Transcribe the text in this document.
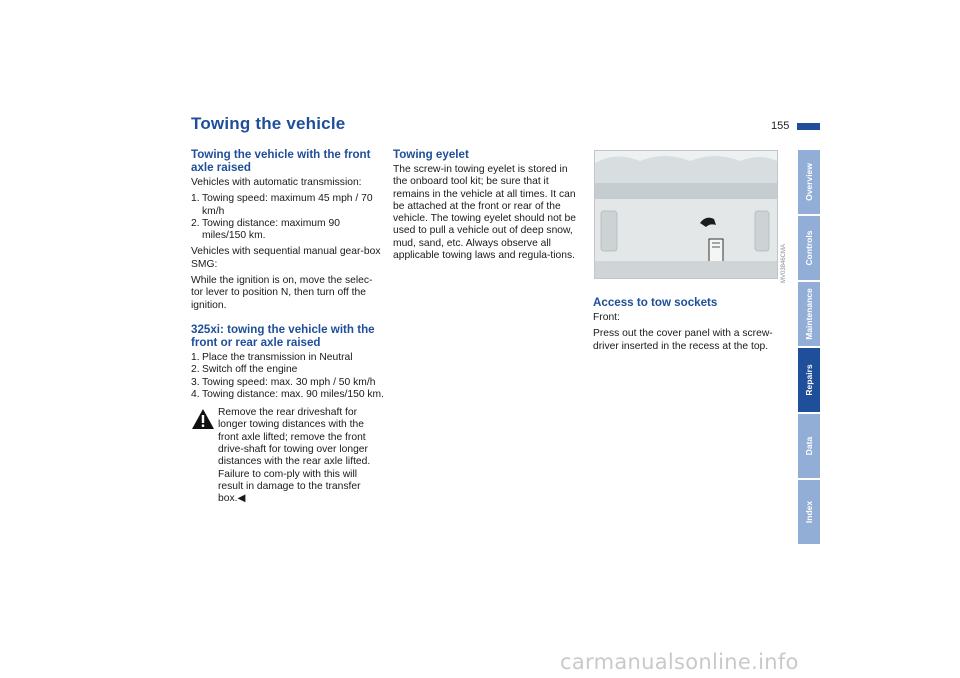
Towing the vehicle	155
Towing the vehicle with the front axle raised

Vehicles with automatic transmission:

1. Towing speed: maximum 45 mph / 70 km/h
2. Towing distance: maximum 90 miles/150 km.

Vehicles with sequential manual gear-box SMG:

While the ignition is on, move the selec-tor lever to position N, then turn off the ignition.

325xi: towing the vehicle with the front or rear axle raised
1. Place the transmission in Neutral
2. Switch off the engine
3. Towing speed: max. 30 mph / 50 km/h
4. Towing distance: max. 90 miles/150 km.

Remove the rear driveshaft for longer towing distances with the front axle lifted; remove the front drive-shaft for towing over longer distances with the rear axle lifted. Failure to com-ply with this will result in damage to the transfer box.◀

Towing eyelet

The screw-in towing eyelet is stored in the onboard tool kit; be sure that it remains in the vehicle at all times. It can be attached at the front or rear of the vehicle. The towing eyelet should not be used to pull a vehicle out of deep snow, mud, sand, etc. Always observe all applicable towing laws and regula-tions.	MV03846CMA
Access to tow sockets

Front:

Press out the cover panel with a screw-driver inserted in the recess at the top.

Overview
Controls
Maintenance
Repairs
Data
Index
carmanualsonline.info
